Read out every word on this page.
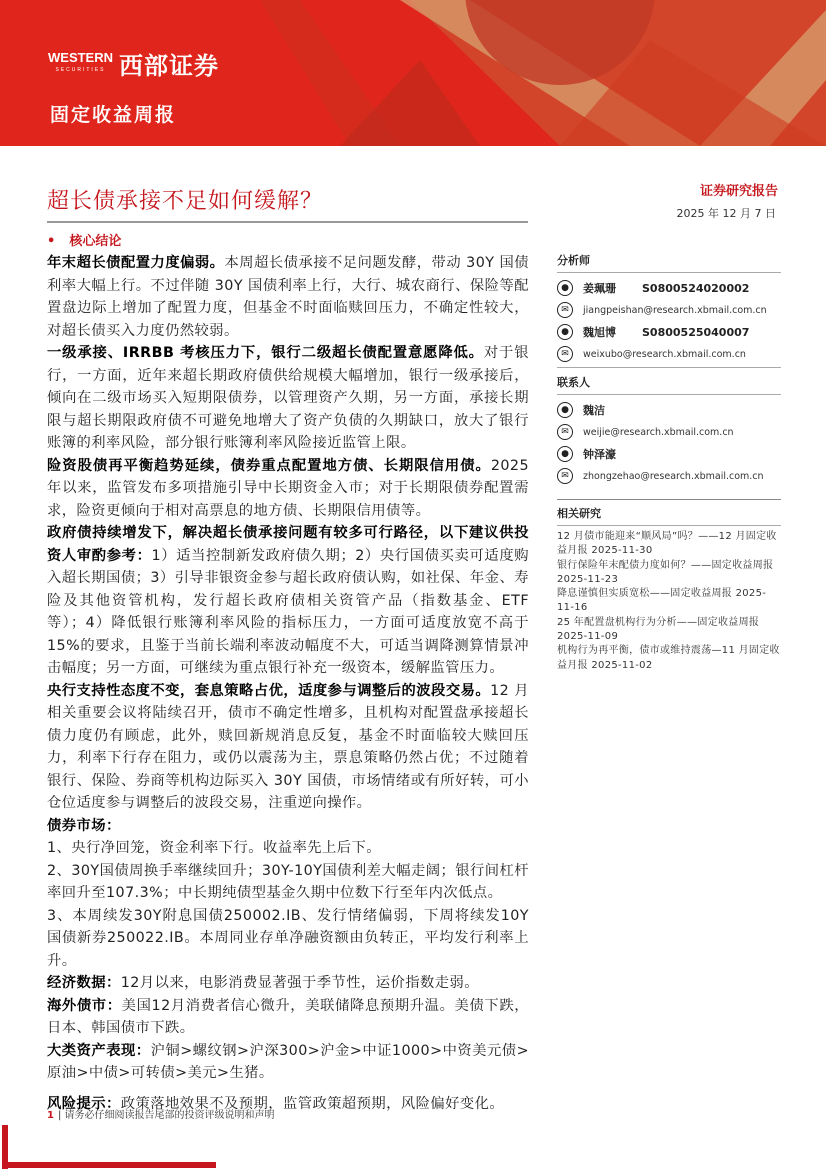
WESTERN
SECURITIES 西部证券
固定收益周报
超长债承接不足如何缓解？
• 核心结论
证券研究报告
2025 年 12 月 7 日

年末超长债配置力度偏弱。本周超长债承接不足问题发酵，带动 30Y 国债利率大幅上行。不过伴随 30Y 国债利率上行，大行、城农商行、保险等配置盘边际上增加了配置力度，但基金不时面临赎回压力，不确定性较大，对超长债买入力度仍然较弱。

一级承接、IRRBB 考核压力下，银行二级超长债配置意愿降低。对于银行，一方面，近年来超长期政府债供给规模大幅增加，银行一级承接后，倾向在二级市场买入短期限债券，以管理资产久期，另一方面，承接长期限与超长期限政府债不可避免地增大了资产负债的久期缺口，放大了银行账簿的利率风险，部分银行账簿利率风险接近监管上限。

险资股债再平衡趋势延续，债券重点配置地方债、长期限信用债。2025 年以来，监管发布多项措施引导中长期资金入市；对于长期限债券配置需求，险资更倾向于相对高票息的地方债、长期限信用债等。

政府债持续增发下，解决超长债承接问题有较多可行路径，以下建议供投资人审酌参考：1）适当控制新发政府债久期；2）央行国债买卖可适度购入超长期国债；3）引导非银资金参与超长政府债认购，如社保、年金、寿险及其他资管机构，发行超长政府债相关资管产品（指数基金、ETF 等）；4）降低银行账簿利率风险的指标压力，一方面可适度放宽不高于 15%的要求，且鉴于当前长端利率波动幅度不大，可适当调降测算情景冲击幅度；另一方面，可继续为重点银行补充一级资本，缓解监管压力。

央行支持性态度不变，套息策略占优，适度参与调整后的波段交易。12 月相关重要会议将陆续召开，债市不确定性增多，且机构对配置盘承接超长债力度仍有顾虑，此外，赎回新规消息反复，基金不时面临较大赎回压力，利率下行存在阻力，或仍以震荡为主，票息策略仍然占优；不过随着银行、保险、券商等机构边际买入 30Y 国债，市场情绪或有所好转，可小仓位适度参与调整后的波段交易，注重逆向操作。

债券市场：

1、央行净回笼，资金利率下行。收益率先上后下。

2、30Y国债周换手率继续回升；30Y-10Y国债利差大幅走阔；银行间杠杆率回升至107.3%；中长期纯债型基金久期中位数下行至年内次低点。

3、本周续发30Y附息国债250002.IB、发行情绪偏弱，下周将续发10Y国债新券250022.IB。本周同业存单净融资额由负转正，平均发行利率上升。

经济数据：12月以来，电影消费显著强于季节性，运价指数走弱。

海外债市：美国12月消费者信心微升，美联储降息预期升温。美债下跌，日本、韩国债市下跌。

大类资产表现：沪铜>螺纹钢>沪深300>沪金>中证1000>中资美元债>原油>中债>可转债>美元>生猪。

风险提示：政策落地效果不及预期，监管政策超预期，风险偏好变化。

分析师
●	姜珮珊 S0800524020002
✉	jiangpeishan@research.xbmail.com.cn
●	魏旭博 S0800525040007
✉	weixubo@research.xbmail.com.cn
联系人
●	魏洁
✉	weijie@research.xbmail.com.cn
●	钟泽濠
✉	zhongzehao@research.xbmail.com.cn
相关研究
12 月债市能迎来“顺风局”吗？——12 月固定收益月报 2025-11-30
银行保险年末配债力度如何？——固定收益周报 2025-11-23
降息谨慎但实质宽松——固定收益周报 2025-11-16
25 年配置盘机构行为分析——固定收益周报 2025-11-09
机构行为再平衡，债市或维持震荡—11 月固定收益月报 2025-11-02
1 | 请务必仔细阅读报告尾部的投资评级说明和声明
